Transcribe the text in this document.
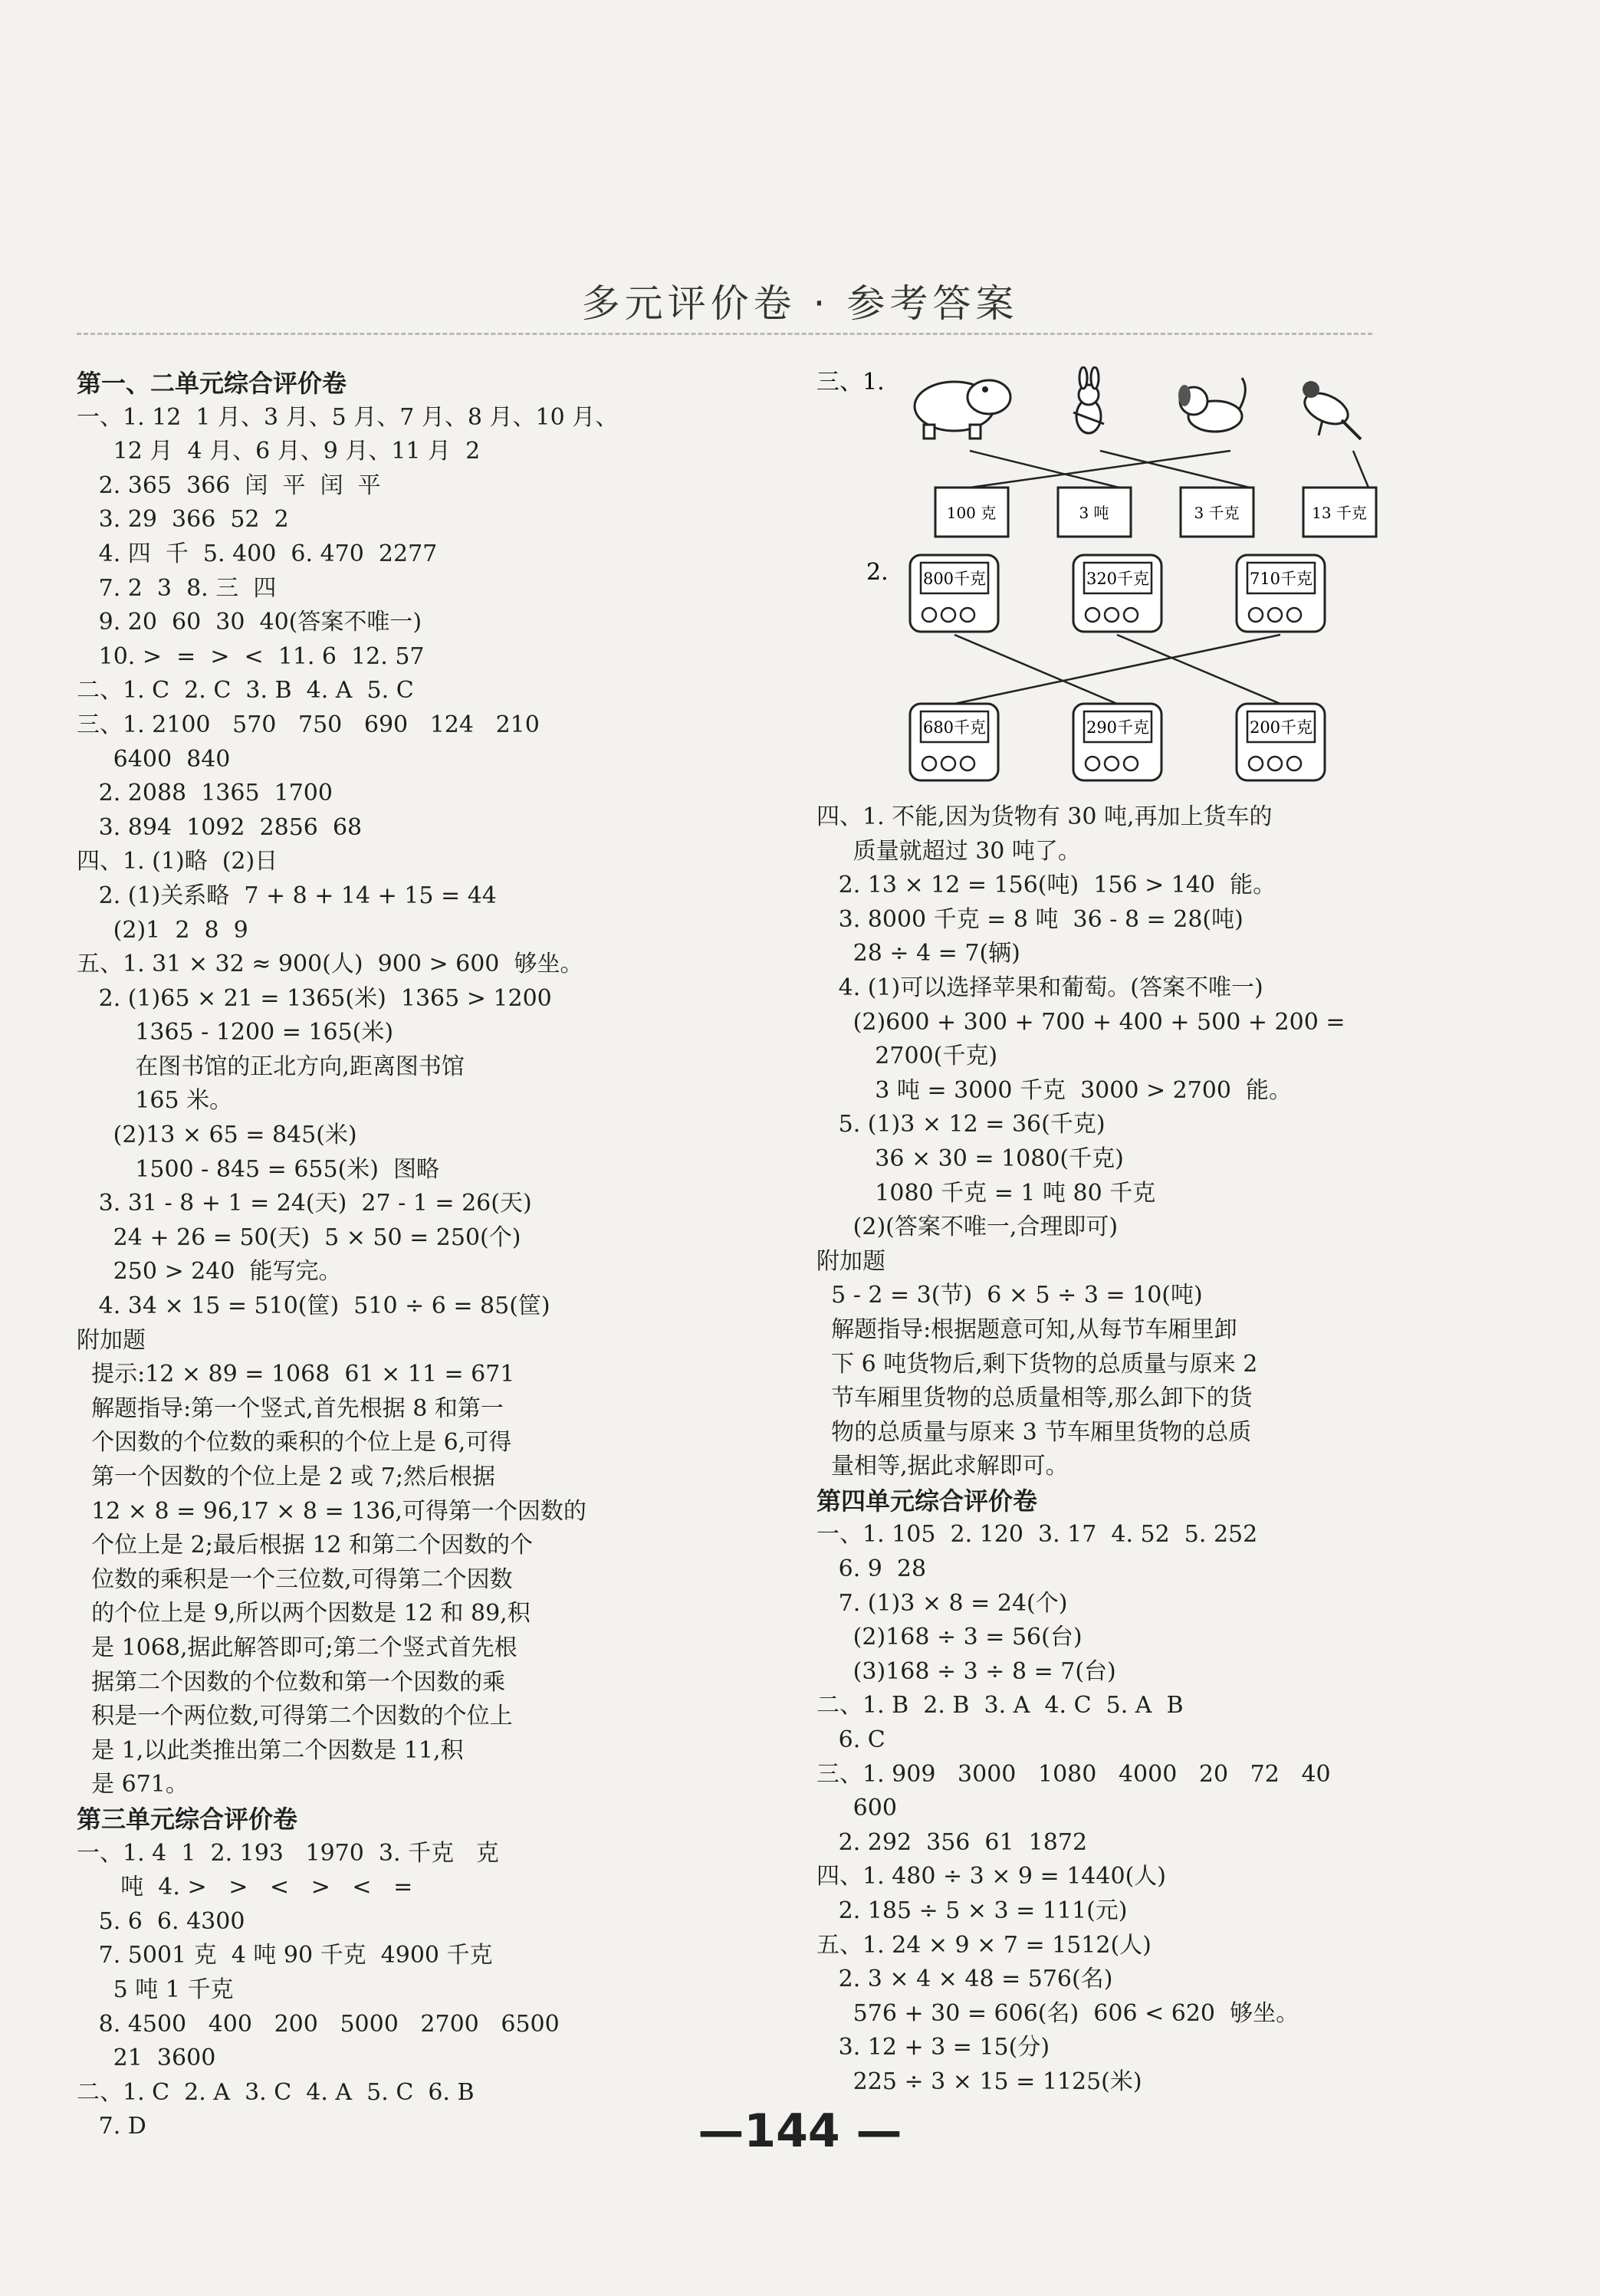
多元评价卷 · 参考答案
第一、二单元综合评价卷
一、1. 12  1 月、3 月、5 月、7 月、8 月、10 月、
12 月  4 月、6 月、9 月、11 月  2
2. 365  366  闰  平  闰  平
3. 29  366  52  2
4. 四  千  5. 400  6. 470  2277
7. 2  3  8. 三  四
9. 20  60  30  40(答案不唯一)
10. >  =  >  <  11. 6  12. 57
二、1. C  2. C  3. B  4. A  5. C
三、1. 2100   570   750   690   124   210
6400  840
2. 2088  1365  1700
3. 894  1092  2856  68
四、1. (1)略  (2)日
2. (1)关系略  7 + 8 + 14 + 15 = 44
(2)1  2  8  9
五、1. 31 × 32 ≈ 900(人)  900 > 600  够坐。
2. (1)65 × 21 = 1365(米)  1365 > 1200
1365 - 1200 = 165(米)
在图书馆的正北方向,距离图书馆
165 米。
(2)13 × 65 = 845(米)
1500 - 845 = 655(米)  图略
3. 31 - 8 + 1 = 24(天)  27 - 1 = 26(天)
24 + 26 = 50(天)  5 × 50 = 250(个)
250 > 240  能写完。
4. 34 × 15 = 510(筐)  510 ÷ 6 = 85(筐)
附加题
提示:12 × 89 = 1068  61 × 11 = 671
解题指导:第一个竖式,首先根据 8 和第一
个因数的个位数的乘积的个位上是 6,可得
第一个因数的个位上是 2 或 7;然后根据
12 × 8 = 96,17 × 8 = 136,可得第一个因数的
个位上是 2;最后根据 12 和第二个因数的个
位数的乘积是一个三位数,可得第二个因数
的个位上是 9,所以两个因数是 12 和 89,积
是 1068,据此解答即可;第二个竖式首先根
据第二个因数的个位数和第一个因数的乘
积是一个两位数,可得第二个因数的个位上
是 1,以此类推出第二个因数是 11,积
是 671。
第三单元综合评价卷
一、1. 4  1  2. 193   1970  3. 千克   克
吨  4. >   >   <   >   <   =
5. 6  6. 4300
7. 5001 克  4 吨 90 千克  4900 千克
5 吨 1 千克
8. 4500   400   200   5000   2700   6500
21  3600
二、1. C  2. A  3. C  4. A  5. C  6. B
7. D
三、1.
2.
100 克	3 吨	3 千克	13 千克
800千克	320千克	710千克
680千克	290千克	200千克
四、1. 不能,因为货物有 30 吨,再加上货车的
质量就超过 30 吨了。
2. 13 × 12 = 156(吨)  156 > 140  能。
3. 8000 千克 = 8 吨  36 - 8 = 28(吨)
28 ÷ 4 = 7(辆)
4. (1)可以选择苹果和葡萄。(答案不唯一)
(2)600 + 300 + 700 + 400 + 500 + 200 =
2700(千克)
3 吨 = 3000 千克  3000 > 2700  能。
5. (1)3 × 12 = 36(千克)
36 × 30 = 1080(千克)
1080 千克 = 1 吨 80 千克
(2)(答案不唯一,合理即可)
附加题
5 - 2 = 3(节)  6 × 5 ÷ 3 = 10(吨)
解题指导:根据题意可知,从每节车厢里卸
下 6 吨货物后,剩下货物的总质量与原来 2
节车厢里货物的总质量相等,那么卸下的货
物的总质量与原来 3 节车厢里货物的总质
量相等,据此求解即可。
第四单元综合评价卷
一、1. 105  2. 120  3. 17  4. 52  5. 252
6. 9  28
7. (1)3 × 8 = 24(个)
(2)168 ÷ 3 = 56(台)
(3)168 ÷ 3 ÷ 8 = 7(台)
二、1. B  2. B  3. A  4. C  5. A  B
6. C
三、1. 909   3000   1080   4000   20   72   40
600
2. 292  356  61  1872
四、1. 480 ÷ 3 × 9 = 1440(人)
2. 185 ÷ 5 × 3 = 111(元)
五、1. 24 × 9 × 7 = 1512(人)
2. 3 × 4 × 48 = 576(名)
576 + 30 = 606(名)  606 < 620  够坐。
3. 12 + 3 = 15(分)
225 ÷ 3 × 15 = 1125(米)
—144 —
